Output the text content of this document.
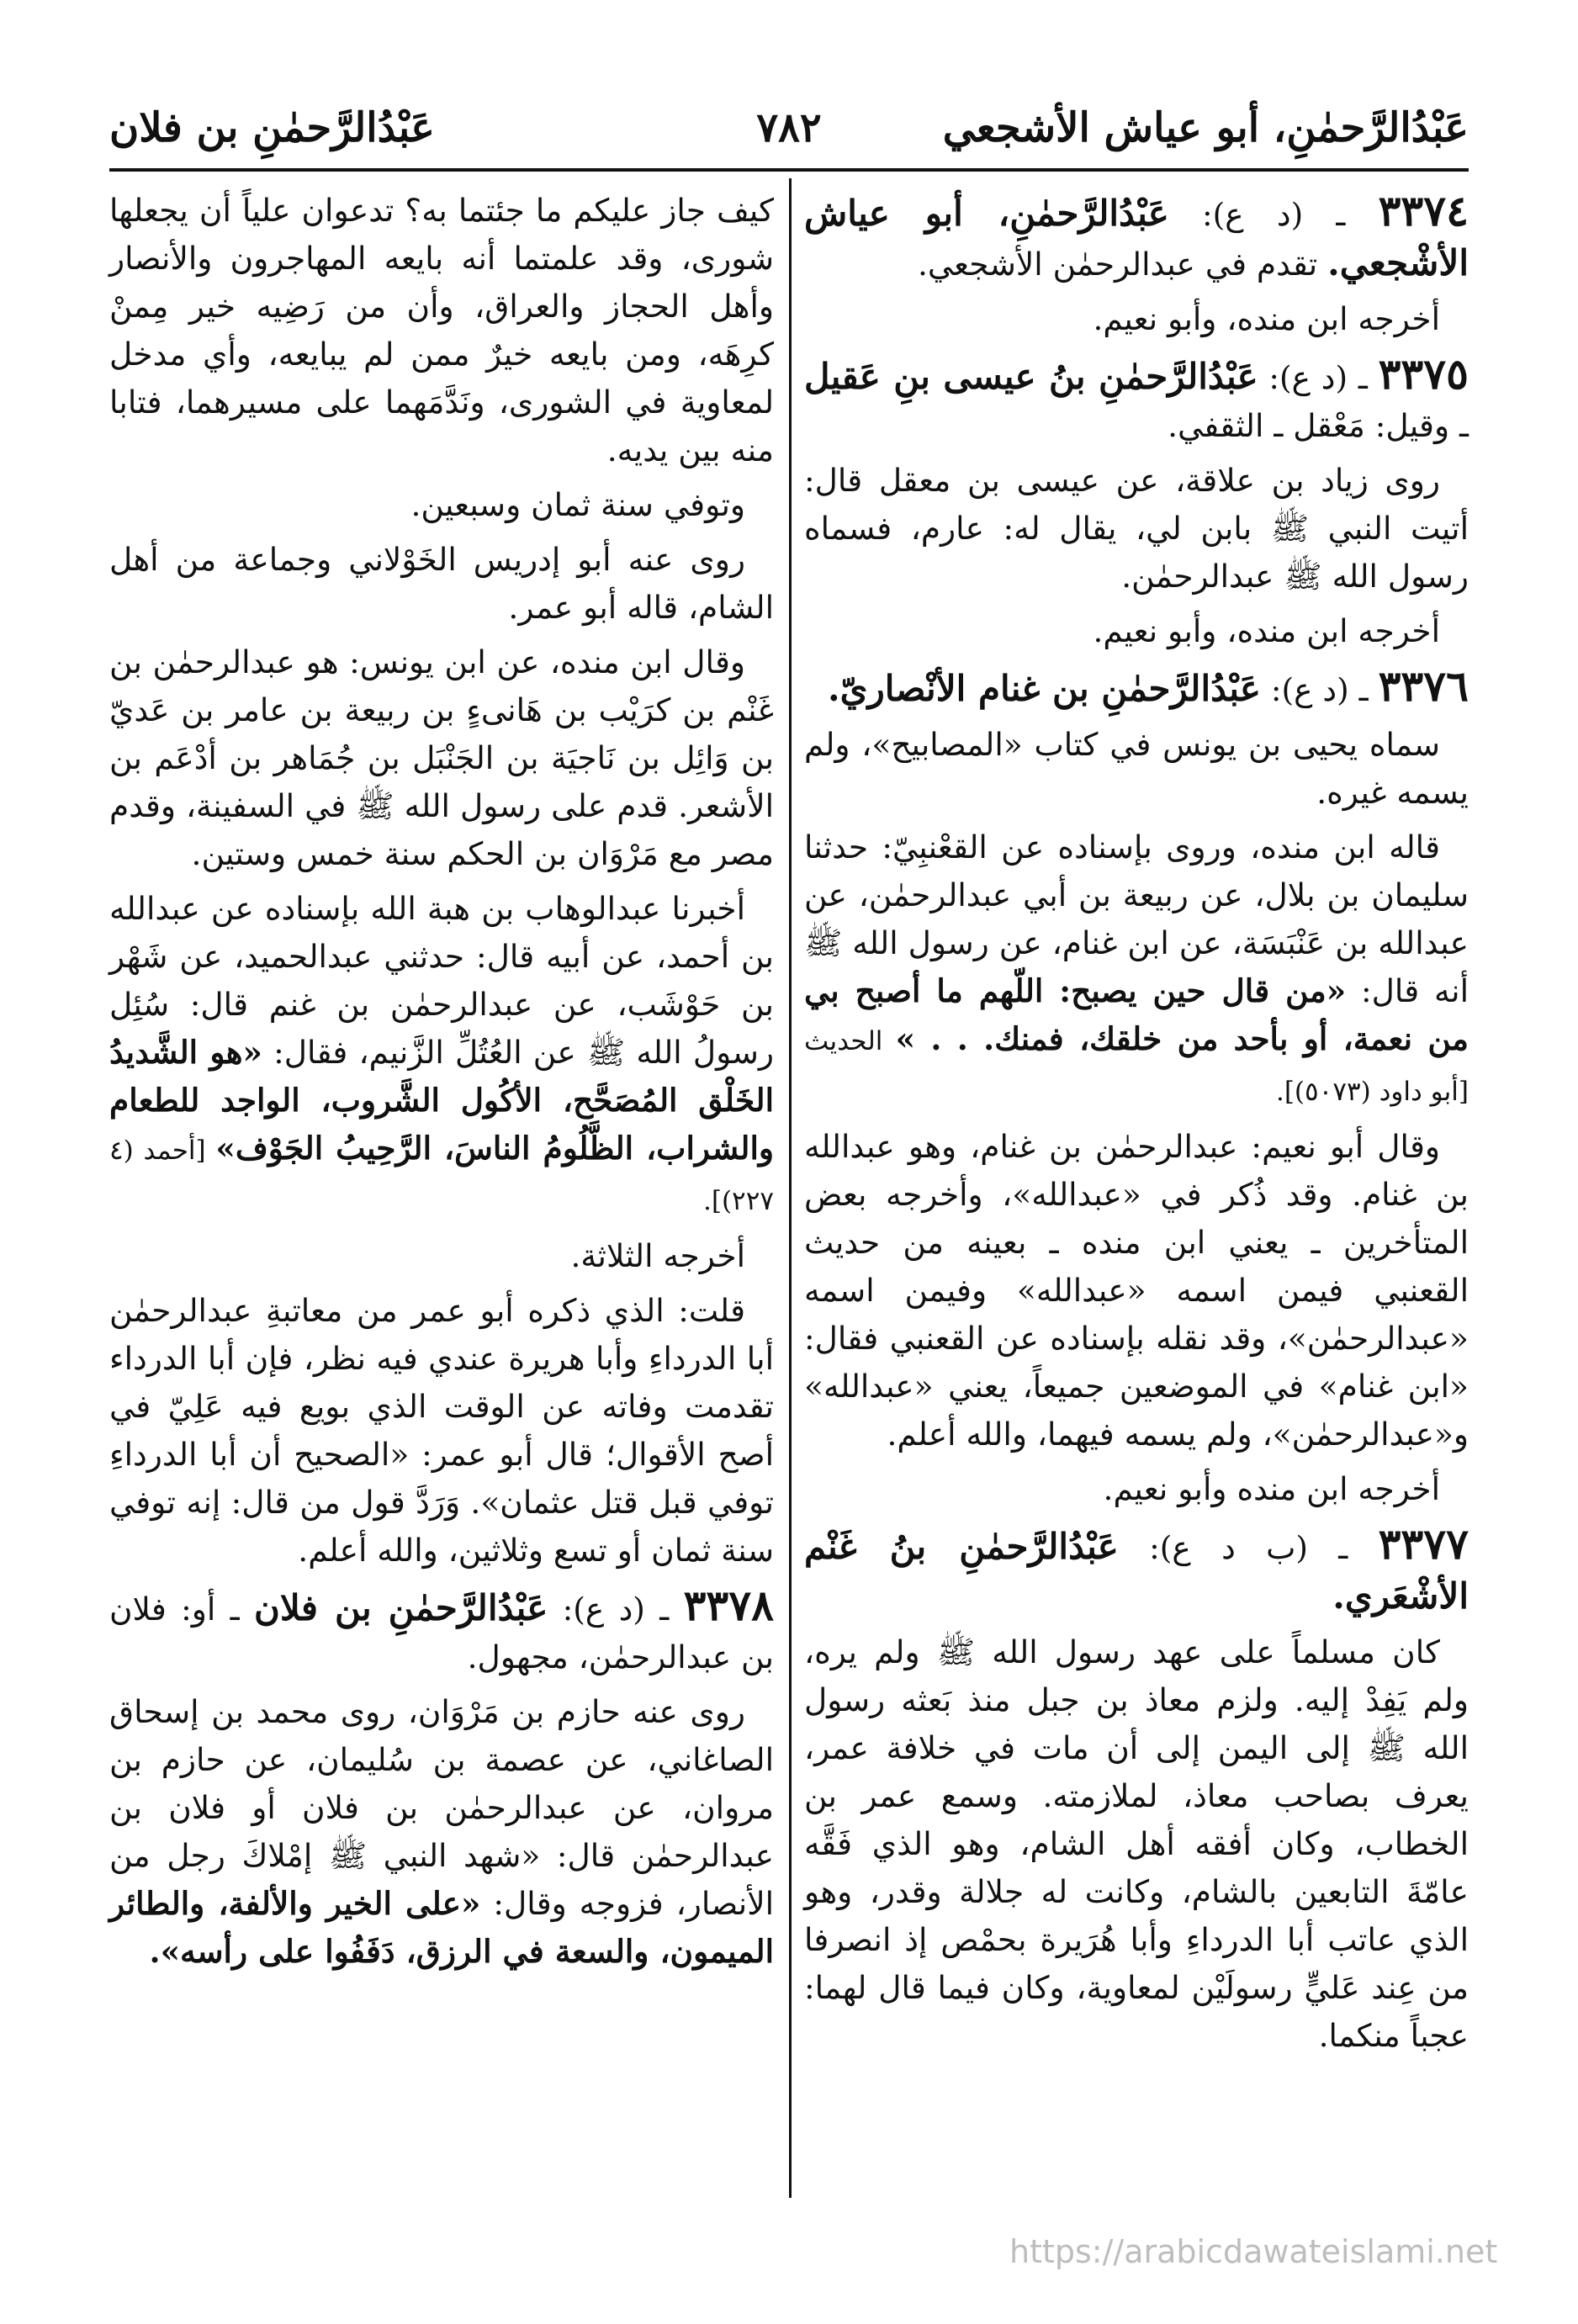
عَبْدُالرَّحمٰنِ، أبو عياش الأشجعي
٧٨٢
عَبْدُالرَّحمٰنِ بن فلان

٣٣٧٤ ـ (د ع): عَبْدُالرَّحمٰنِ، أبو عياش الأشْجعي. تقدم في عبدالرحمٰن الأشجعي.

أخرجه ابن منده، وأبو نعيم.

٣٣٧٥ ـ (د ع): عَبْدُالرَّحمٰنِ بنُ عيسى بنِ عَقيل ـ وقيل: مَعْقل ـ الثقفي.

روى زياد بن علاقة، عن عيسى بن معقل قال: أتيت النبي ﷺ بابن لي، يقال له: عارم، فسماه رسول الله ﷺ عبدالرحمٰن.

أخرجه ابن منده، وأبو نعيم.

٣٣٧٦ ـ (د ع): عَبْدُالرَّحمٰنِ بن غنام الأنْصاريّ.

سماه يحيى بن يونس في كتاب «المصابيح»، ولم يسمه غيره.

قاله ابن منده، وروى بإسناده عن القعْنبِيّ: حدثنا سليمان بن بلال، عن ربيعة بن أبي عبدالرحمٰن، عن عبدالله بن عَنْبَسَة، عن ابن غنام، عن رسول الله ﷺ أنه قال: «من قال حين يصبح: اللّهم ما أصبح بي من نعمة، أو بأحد من خلقك، فمنك. . . » الحديث [أبو داود (٥٠٧٣)].

وقال أبو نعيم: عبدالرحمٰن بن غنام، وهو عبدالله بن غنام. وقد ذُكر في «عبدالله»، وأخرجه بعض المتأخرين ـ يعني ابن منده ـ بعينه من حديث القعنبي فيمن اسمه «عبدالله» وفيمن اسمه «عبدالرحمٰن»، وقد نقله بإسناده عن القعنبي فقال: «ابن غنام» في الموضعين جميعاً، يعني «عبدالله» و«عبدالرحمٰن»، ولم يسمه فيهما، والله أعلم.

أخرجه ابن منده وأبو نعيم.

٣٣٧٧ ـ (ب د ع): عَبْدُالرَّحمٰنِ بنُ غَنْم الأشْعَري.

كان مسلماً على عهد رسول الله ﷺ ولم يره، ولم يَفِدْ إليه. ولزم معاذ بن جبل منذ بَعثه رسول الله ﷺ إلى اليمن إلى أن مات في خلافة عمر، يعرف بصاحب معاذ، لملازمته. وسمع عمر بن الخطاب، وكان أفقه أهل الشام، وهو الذي فَقَّه عامّةَ التابعين بالشام، وكانت له جلالة وقدر، وهو الذي عاتب أبا الدرداءِ وأبا هُرَيرة بحمْص إذ انصرفا من عِند عَليٍّ رسولَيْن لمعاوية، وكان فيما قال لهما: عجباً منكما.

كيف جاز عليكم ما جئتما به؟ تدعوان علياً أن يجعلها شورى، وقد علمتما أنه بايعه المهاجرون والأنصار وأهل الحجاز والعراق، وأن من رَضِيه خير مِمنْ كرِهَه، ومن بايعه خيرٌ ممن لم يبايعه، وأي مدخل لمعاوية في الشورى، ونَدَّمَهما على مسيرهما، فتابا منه بين يديه.

وتوفي سنة ثمان وسبعين.

روى عنه أبو إدريس الخَوْلاني وجماعة من أهل الشام، قاله أبو عمر.

وقال ابن منده، عن ابن يونس: هو عبدالرحمٰن بن غَنْم بن كرَيْب بن هَانىءٍ بن ربيعة بن عامر بن عَديّ بن وَائِل بن نَاجيَة بن الجَنْبَل بن جُمَاهر بن أدْعَم بن الأشعر. قدم على رسول الله ﷺ في السفينة، وقدم مصر مع مَرْوَان بن الحكم سنة خمس وستين.

أخبرنا عبدالوهاب بن هبة الله بإسناده عن عبدالله بن أحمد، عن أبيه قال: حدثني عبدالحميد، عن شَهْر بن حَوْشَب، عن عبدالرحمٰن بن غنم قال: سُئِل رسولُ الله ﷺ عن العُتُلِّ الزَّنيم، فقال: «هو الشَّديدُ الخَلْق المُصَحَّح، الأكُول الشَّروب، الواجد للطعام والشراب، الظَّلُومُ الناسَ، الرَّحِيبُ الجَوْف» [أحمد (٤ ٢٢٧)].

أخرجه الثلاثة.

قلت: الذي ذكره أبو عمر من معاتبةِ عبدالرحمٰن أبا الدرداءِ وأبا هريرة عندي فيه نظر، فإن أبا الدرداء تقدمت وفاته عن الوقت الذي بويع فيه عَلِيّ في أصح الأقوال؛ قال أبو عمر: «الصحيح أن أبا الدرداءِ توفي قبل قتل عثمان». وَرَدَّ قول من قال: إنه توفي سنة ثمان أو تسع وثلاثين، والله أعلم.

٣٣٧٨ ـ (د ع): عَبْدُالرَّحمٰنِ بن فلان ـ أو: فلان بن عبدالرحمٰن، مجهول.

روى عنه حازم بن مَرْوَان، روى محمد بن إسحاق الصاغاني، عن عصمة بن سُليمان، عن حازم بن مروان، عن عبدالرحمٰن بن فلان أو فلان بن عبدالرحمٰن قال: «شهد النبي ﷺ إمْلاكَ رجل من الأنصار، فزوجه وقال: «على الخير والألفة، والطائر الميمون، والسعة في الرزق، دَفَفُوا على رأسه».

https://arabicdawateislami.net
